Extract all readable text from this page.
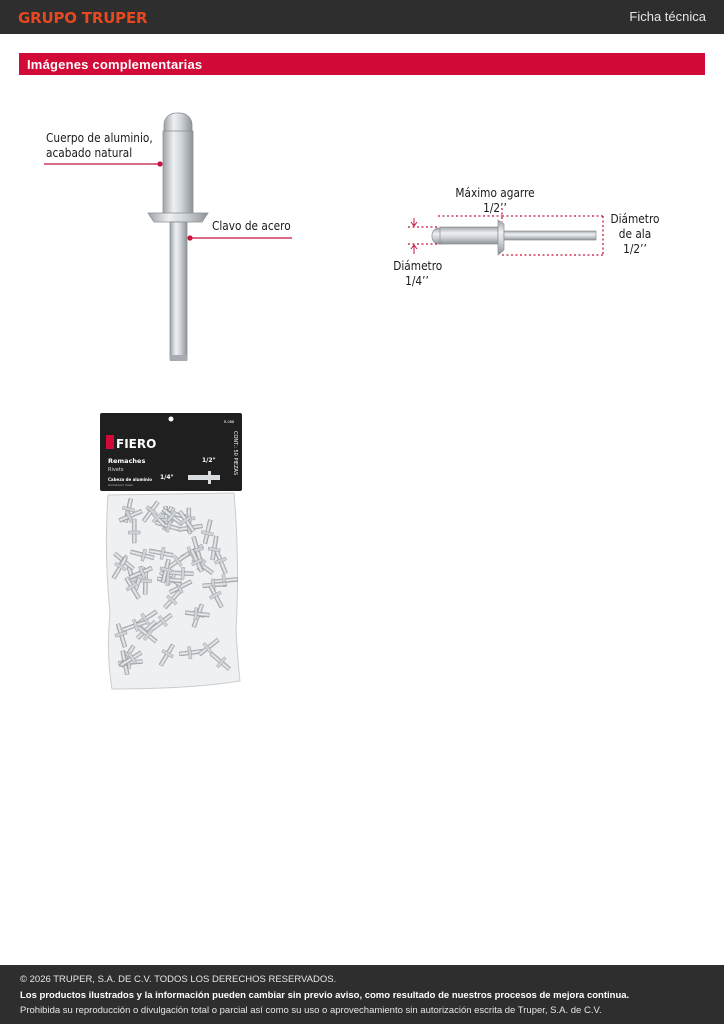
GRUPO TRUPER	Ficha técnica
Imágenes complementarias
Cuerpo de aluminio,
acabado natural
Clavo de acero
Máximo agarre
1/2’’
Diámetro
de ala
1/2’’
Diámetro
1/4’’
FIERO
R-088
Remaches
Rivets
Cabeza de aluminio
Aluminium head
1/4"
1/2"	CONT.: 50 PIEZAS

© 2026 TRUPER, S.A. DE C.V. TODOS LOS DERECHOS RESERVADOS.

Los productos ilustrados y la información pueden cambiar sin previo aviso, como resultado de nuestros procesos de mejora continua.

Prohibida su reproducción o divulgación total o parcial así como su uso o aprovechamiento sin autorización escrita de Truper, S.A. de C.V.
